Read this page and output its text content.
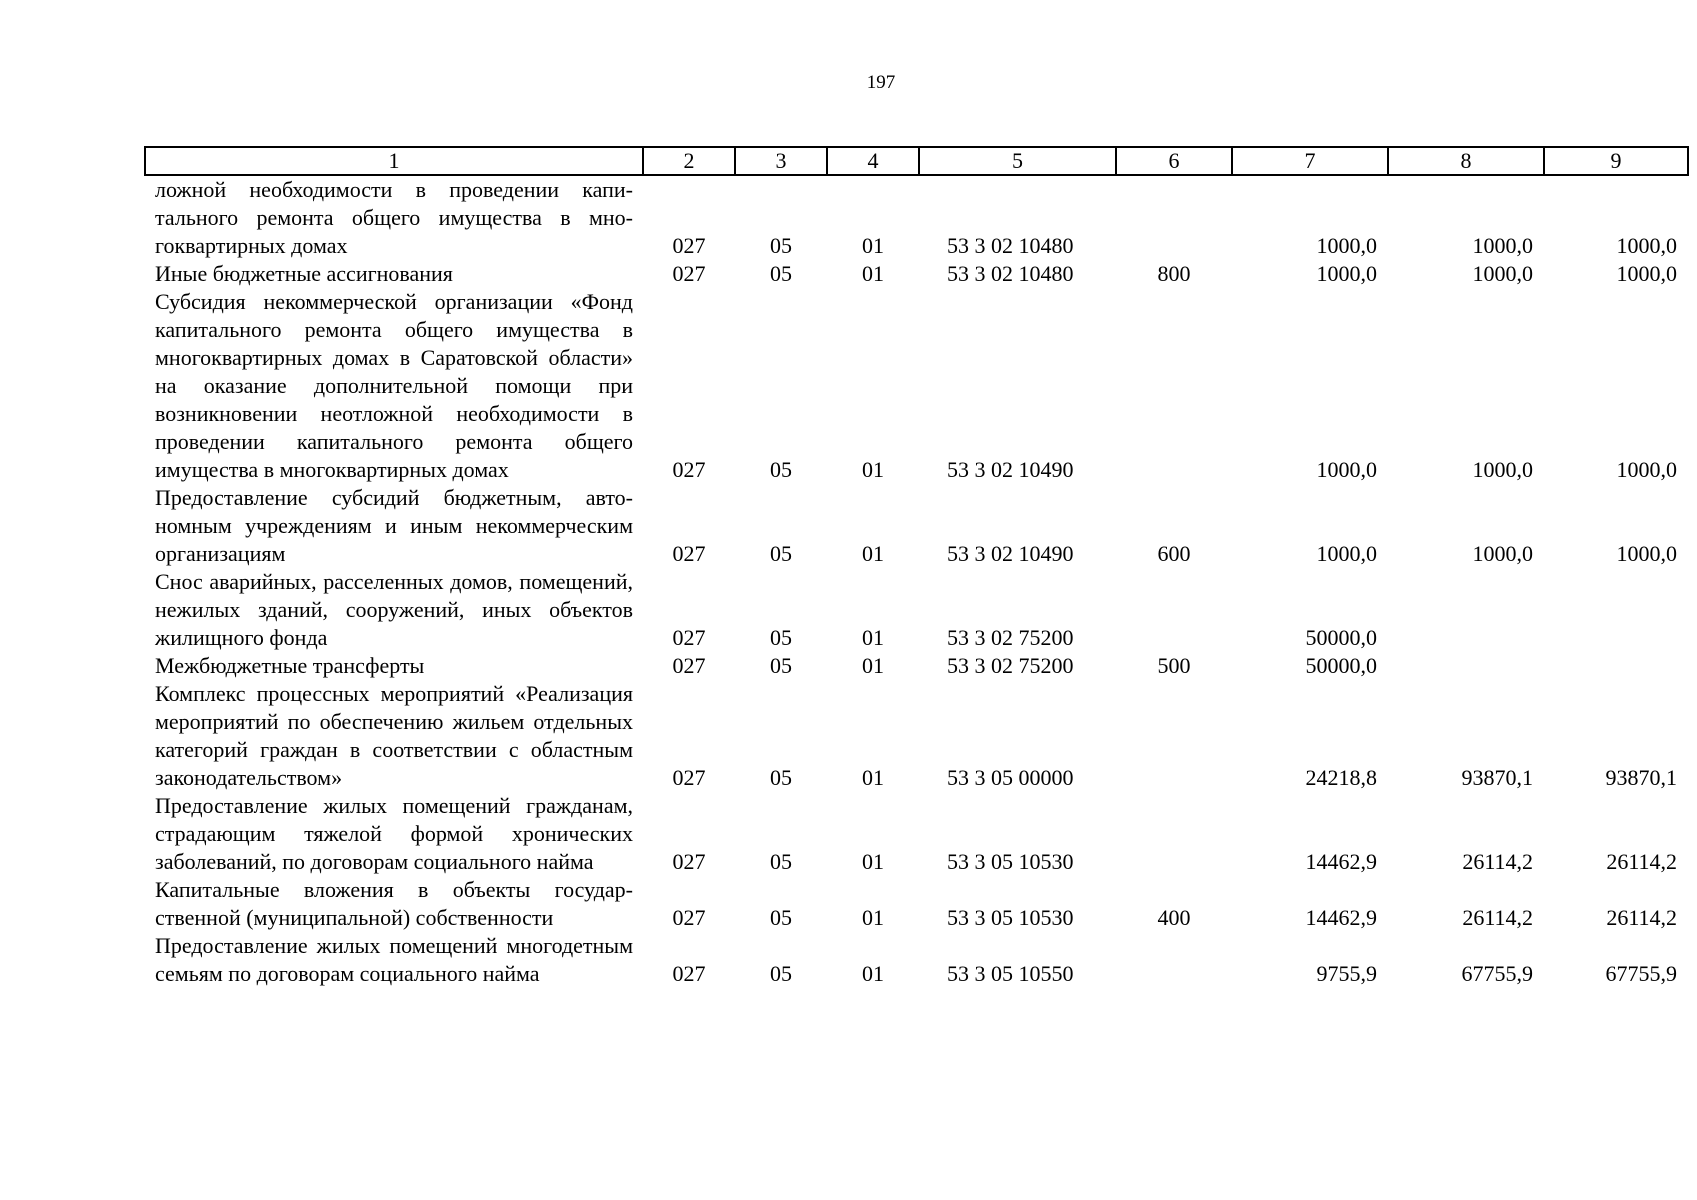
197
1	2	3	4	5	6	7	8	9
ложной необходимости в проведении капитального ремонта общего имущества в многоквартирных домах	027	05	01	53 3 02 10480		1000,0	1000,0	1000,0
Иные бюджетные ассигнования	027	05	01	53 3 02 10480	800	1000,0	1000,0	1000,0
Субсидия некоммерческой организации «Фонд капитального ремонта общего имущества в многоквартирных домах в Саратовской области» на оказание дополнительной помощи при возникновении неотложной необходимости в проведении капитального ремонта общего имущества в многоквартирных домах	027	05	01	53 3 02 10490		1000,0	1000,0	1000,0
Предоставление субсидий бюджетным, автономным учреждениям и иным некоммерческим организациям	027	05	01	53 3 02 10490	600	1000,0	1000,0	1000,0
Снос аварийных, расселенных домов, помещений, нежилых зданий, сооружений, иных объектов жилищного фонда	027	05	01	53 3 02 75200		50000,0		
Межбюджетные трансферты	027	05	01	53 3 02 75200	500	50000,0		
Комплекс процессных мероприятий «Реализация мероприятий по обеспечению жильем отдельных категорий граждан в соответствии с областным законодательством»	027	05	01	53 3 05 00000		24218,8	93870,1	93870,1
Предоставление жилых помещений гражданам, страдающим тяжелой формой хронических заболеваний, по договорам социального найма	027	05	01	53 3 05 10530		14462,9	26114,2	26114,2
Капитальные вложения в объекты государственной (муниципальной) собственности	027	05	01	53 3 05 10530	400	14462,9	26114,2	26114,2
Предоставление жилых помещений многодетным семьям по договорам социального найма	027	05	01	53 3 05 10550		9755,9	67755,9	67755,9
